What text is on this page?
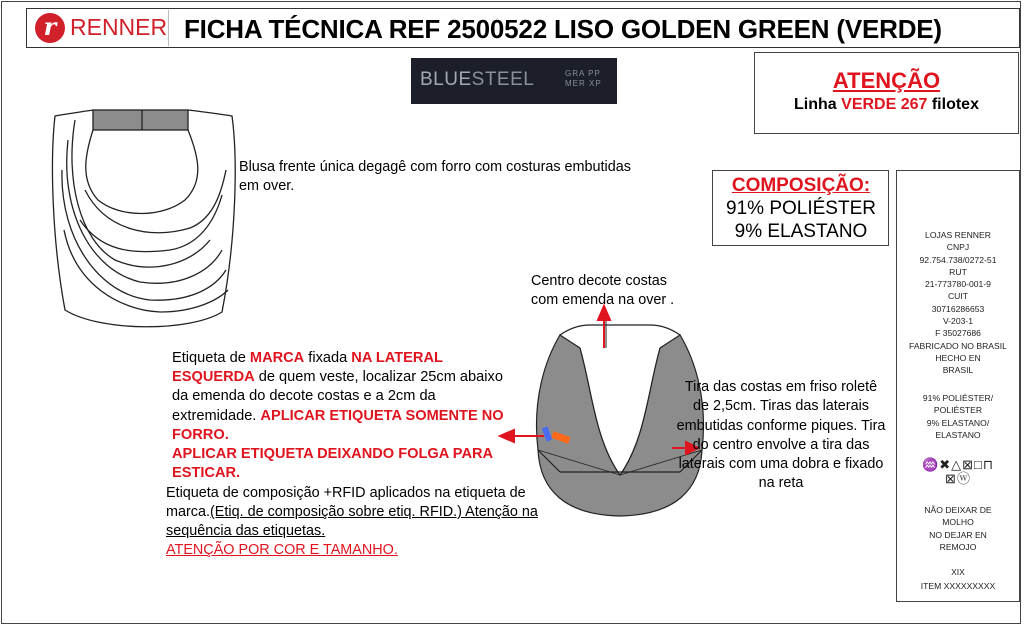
r RENNER FICHA TÉCNICA REF 2500522 LISO GOLDEN GREEN (VERDE)
BLUESTEEL	GRA PP
MER XP	ATENÇÃO
Linha VERDE 267 filotex
COMPOSIÇÃO:
91% POLIÉSTER
9% ELASTANO	LOJAS RENNER
CNPJ
92.754.738/0272-51
RUT
21-773780-001-9
CUIT
30716286653
V-203-1
F 35027686
FABRICADO NO BRASIL
HECHO EN
BRASIL
91% POLIÉSTER/
POLIÉSTER
9% ELASTANO/
ELASTANO
♒✖△⊠□⊓
⊠ⓦ
NÃO DEIXAR DE
MOLHO
NO DEJAR EN
REMOJO
XIX
ITEM XXXXXXXXX
Blusa frente única degagê com forro com costuras embutidas em over.
Centro decote costas
com emenda na over .
Etiqueta de MARCA fixada NA LATERAL ESQUERDA de quem veste, localizar 25cm abaixo da emenda do decote costas e a 2cm da extremidade. APLICAR ETIQUETA SOMENTE NO FORRO.
APLICAR ETIQUETA DEIXANDO FOLGA PARA ESTICAR.
Etiqueta de composição +RFID aplicados na etiqueta de marca.(Etiq. de composição sobre etiq. RFID.) Atenção na sequência das etiquetas.
ATENÇÃO POR COR E TAMANHO.
Tira das costas em friso roletê de 2,5cm. Tiras das laterais embutidas conforme piques. Tira do centro envolve a tira das laterais com uma dobra e fixado na reta
